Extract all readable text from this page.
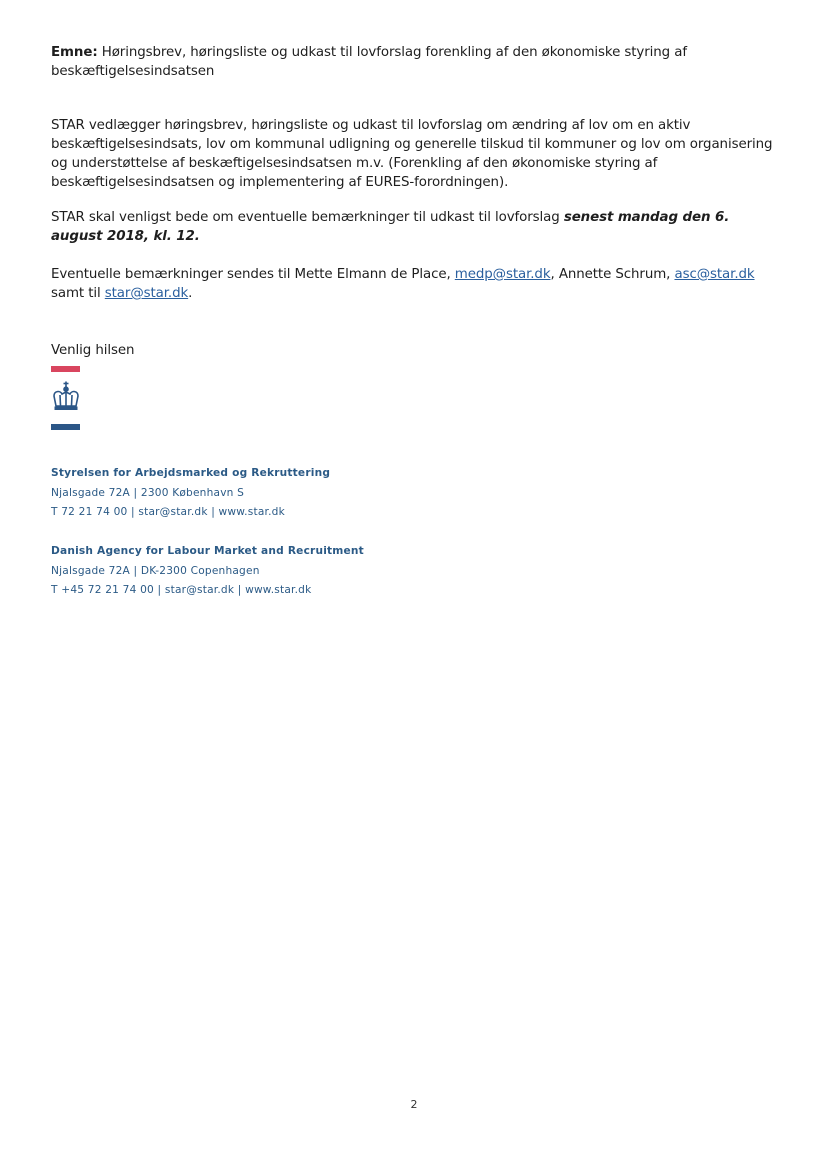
Emne: Høringsbrev, høringsliste og udkast til lovforslag forenkling af den økonomiske styring af beskæftigelsesindsatsen
STAR vedlægger høringsbrev, høringsliste og udkast til lovforslag om ændring af lov om en aktiv beskæftigelsesindsats, lov om kommunal udligning og generelle tilskud til kommuner og lov om organisering og understøttelse af beskæftigelsesindsatsen m.v. (Forenkling af den økonomiske styring af beskæftigelsesindsatsen og implementering af EURES-forordningen).
STAR skal venligst bede om eventuelle bemærkninger til udkast til lovforslag senest mandag den 6. august 2018, kl. 12.
Eventuelle bemærkninger sendes til Mette Elmann de Place, medp@star.dk, Annette Schrum, asc@star.dk samt til star@star.dk.
Venlig hilsen
Styrelsen for Arbejdsmarked og Rekruttering
Njalsgade 72A | 2300 København S
T 72 21 74 00 | star@star.dk | www.star.dk
Danish Agency for Labour Market and Recruitment
Njalsgade 72A | DK-2300 Copenhagen
T +45 72 21 74 00 | star@star.dk | www.star.dk
2
